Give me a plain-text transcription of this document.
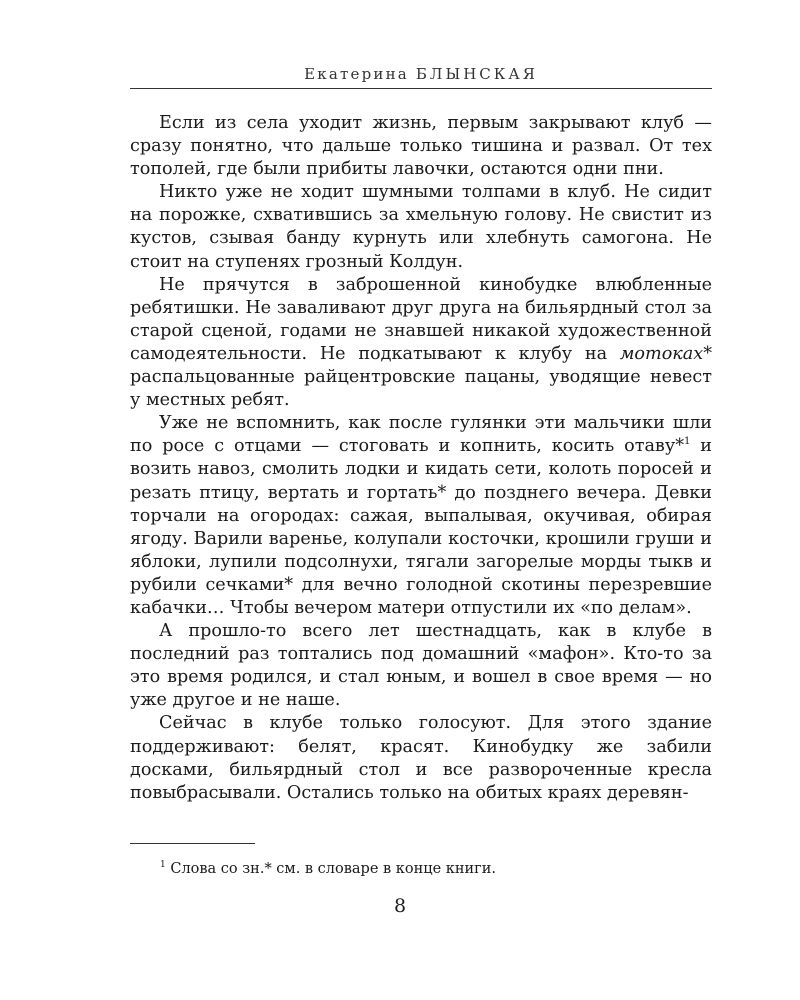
Екатерина БЛЫНСКАЯ

Если из села уходит жизнь, первым закрывают клуб — сразу понятно, что дальше только тишина и развал. От тех тополей, где были прибиты лавочки, остаются одни пни.

Никто уже не ходит шумными толпами в клуб. Не сидит на порожке, схватившись за хмельную голову. Не свистит из кустов, сзывая банду курнуть или хлебнуть самогона. Не стоит на ступенях грозный Колдун.

Не прячутся в заброшенной кинобудке влюбленные ребятишки. Не заваливают друг друга на бильярдный стол за старой сценой, годами не знавшей никакой художественной самодеятельности. Не подкатывают к клубу на мотоках* распальцованные райцентровские пацаны, уводящие невест у местных ребят.

Уже не вспомнить, как после гулянки эти мальчики шли по росе с отцами — стоговать и копнить, косить отаву*$^1$ и возить навоз, смолить лодки и кидать сети, колоть поросей и резать птицу, вертать и гортать* до позднего вечера. Девки торчали на огородах: сажая, выпалывая, окучивая, обирая ягоду. Варили варенье, колупали косточки, крошили груши и яблоки, лупили подсолнухи, тягали загорелые морды тыкв и рубили сечками* для вечно голодной скотины перезревшие кабачки… Чтобы вечером матери отпустили их «по делам».

А прошло-то всего лет шестнадцать, как в клубе в последний раз топтались под домашний «мафон». Кто-то за это время родился, и стал юным, и вошел в свое время — но уже другое и не наше.

Сейчас в клубе только голосуют. Для этого здание поддерживают: белят, красят. Кинобудку же забили досками, бильярдный стол и все развороченные кресла повыбрасывали. Остались только на обитых краях деревян-

$^1$ Слова со зн.* см. в словаре в конце книги.
8
